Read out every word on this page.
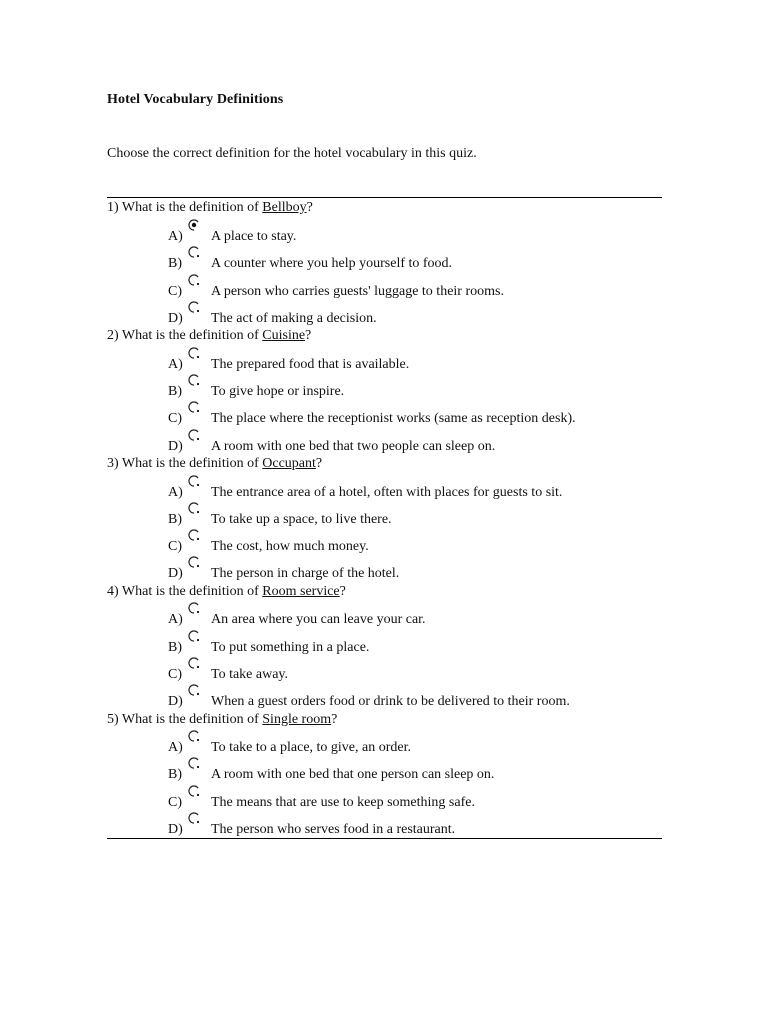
Hotel Vocabulary Definitions
Choose the correct definition for the hotel vocabulary in this quiz.
1) What is the definition of Bellboy?
A) A place to stay.
B) A counter where you help yourself to food.
C) A person who carries guests' luggage to their rooms.
D) The act of making a decision.
2) What is the definition of Cuisine?
A) The prepared food that is available.
B) To give hope or inspire.
C) The place where the receptionist works (same as reception desk).
D) A room with one bed that two people can sleep on.
3) What is the definition of Occupant?
A) The entrance area of a hotel, often with places for guests to sit.
B) To take up a space, to live there.
C) The cost, how much money.
D) The person in charge of the hotel.
4) What is the definition of Room service?
A) An area where you can leave your car.
B) To put something in a place.
C) To take away.
D) When a guest orders food or drink to be delivered to their room.
5) What is the definition of Single room?
A) To take to a place, to give, an order.
B) A room with one bed that one person can sleep on.
C) The means that are use to keep something safe.
D) The person who serves food in a restaurant.
